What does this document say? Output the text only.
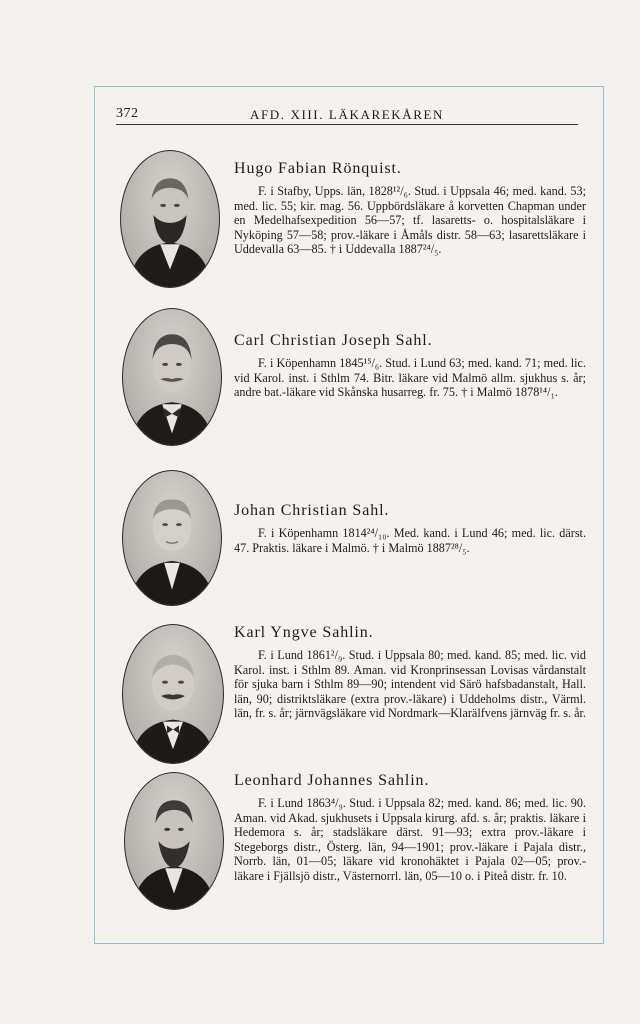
372	AFD. XIII. LÄKAREKÅREN
Hugo Fabian Rönquist.

F. i Stafby, Upps. län, 1828¹²/₆. Stud. i Uppsala 46; med. kand. 53; med. lic. 55; kir. mag. 56. Uppbördsläkare å korvetten Chapman under en Medelhafsexpedition 56—57; tf. lasaretts- o. hospitalsläkare i Nyköping 57—58; prov.-läkare i Åmåls distr. 58—63; lasarettsläkare i Uddevalla 63—85. † i Uddevalla 1887²⁴/₅.

Carl Christian Joseph Sahl.

F. i Köpenhamn 1845¹⁵/₆. Stud. i Lund 63; med. kand. 71; med. lic. vid Karol. inst. i Sthlm 74. Bitr. läkare vid Malmö allm. sjukhus s. år; andre bat.-läkare vid Skånska husarreg. fr. 75. † i Malmö 1878¹⁴/₁.

Johan Christian Sahl.

F. i Köpenhamn 1814²⁴/₁₀. Med. kand. i Lund 46; med. lic. därst. 47. Praktis. läkare i Malmö. † i Malmö 1887²⁸/₅.

Karl Yngve Sahlin.

F. i Lund 1861²/₉. Stud. i Uppsala 80; med. kand. 85; med. lic. vid Karol. inst. i Sthlm 89. Aman. vid Kronprinsessan Lovisas vårdanstalt för sjuka barn i Sthlm 89—90; intendent vid Särö hafsbadanstalt, Hall. län, 90; distriktsläkare (extra prov.-läkare) i Uddeholms distr., Värml. län, fr. s. år; järnvägsläkare vid Nordmark—Klarälfvens järnväg fr. s. år.

Leonhard Johannes Sahlin.

F. i Lund 1863⁴/₉. Stud. i Uppsala 82; med. kand. 86; med. lic. 90. Aman. vid Akad. sjukhusets i Uppsala kirurg. afd. s. år; praktis. läkare i Hedemora s. år; stadsläkare därst. 91—93; extra prov.-läkare i Stegeborgs distr., Österg. län, 94—1901; prov.-läkare i Pajala distr., Norrb. län, 01—05; läkare vid kronohäktet i Pajala 02—05; prov.-läkare i Fjällsjö distr., Västernorrl. län, 05—10 o. i Piteå distr. fr. 10.
